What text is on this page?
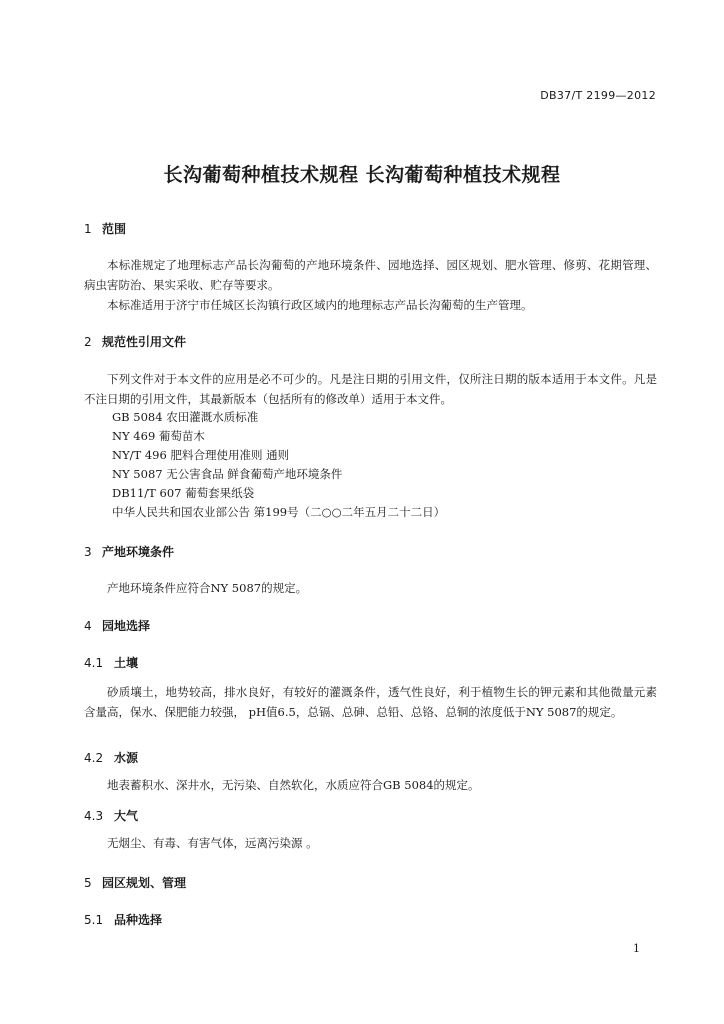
DB37/T 2199—2012
长沟葡萄种植技术规程 长沟葡萄种植技术规程
1 范围

本标准规定了地理标志产品长沟葡萄的产地环境条件、园地选择、园区规划、肥水管理、修剪、花期管理、病虫害防治、果实采收、贮存等要求。

本标准适用于济宁市任城区长沟镇行政区域内的地理标志产品长沟葡萄的生产管理。

2 规范性引用文件

下列文件对于本文件的应用是必不可少的。凡是注日期的引用文件，仅所注日期的版本适用于本文件。凡是不注日期的引用文件，其最新版本（包括所有的修改单）适用于本文件。

GB 5084 农田灌溉水质标准
NY 469 葡萄苗木
NY/T 496 肥料合理使用准则 通则
NY 5087 无公害食品 鲜食葡萄产地环境条件
DB11/T 607 葡萄套果纸袋
中华人民共和国农业部公告 第199号（二○○二年五月二十二日）
3 产地环境条件

产地环境条件应符合NY 5087的规定。

4 园地选择
4.1 土壤

砂质壤土，地势较高，排水良好，有较好的灌溉条件，透气性良好，利于植物生长的钾元素和其他微量元素含量高，保水、保肥能力较强， pH值6.5，总镉、总砷、总铅、总铬、总铜的浓度低于NY 5087的规定。

4.2 水源

地表蓄积水、深井水，无污染、自然软化，水质应符合GB 5084的规定。

4.3 大气

无烟尘、有毒、有害气体，远离污染源 。

5 园区规划、管理
5.1 品种选择
1
